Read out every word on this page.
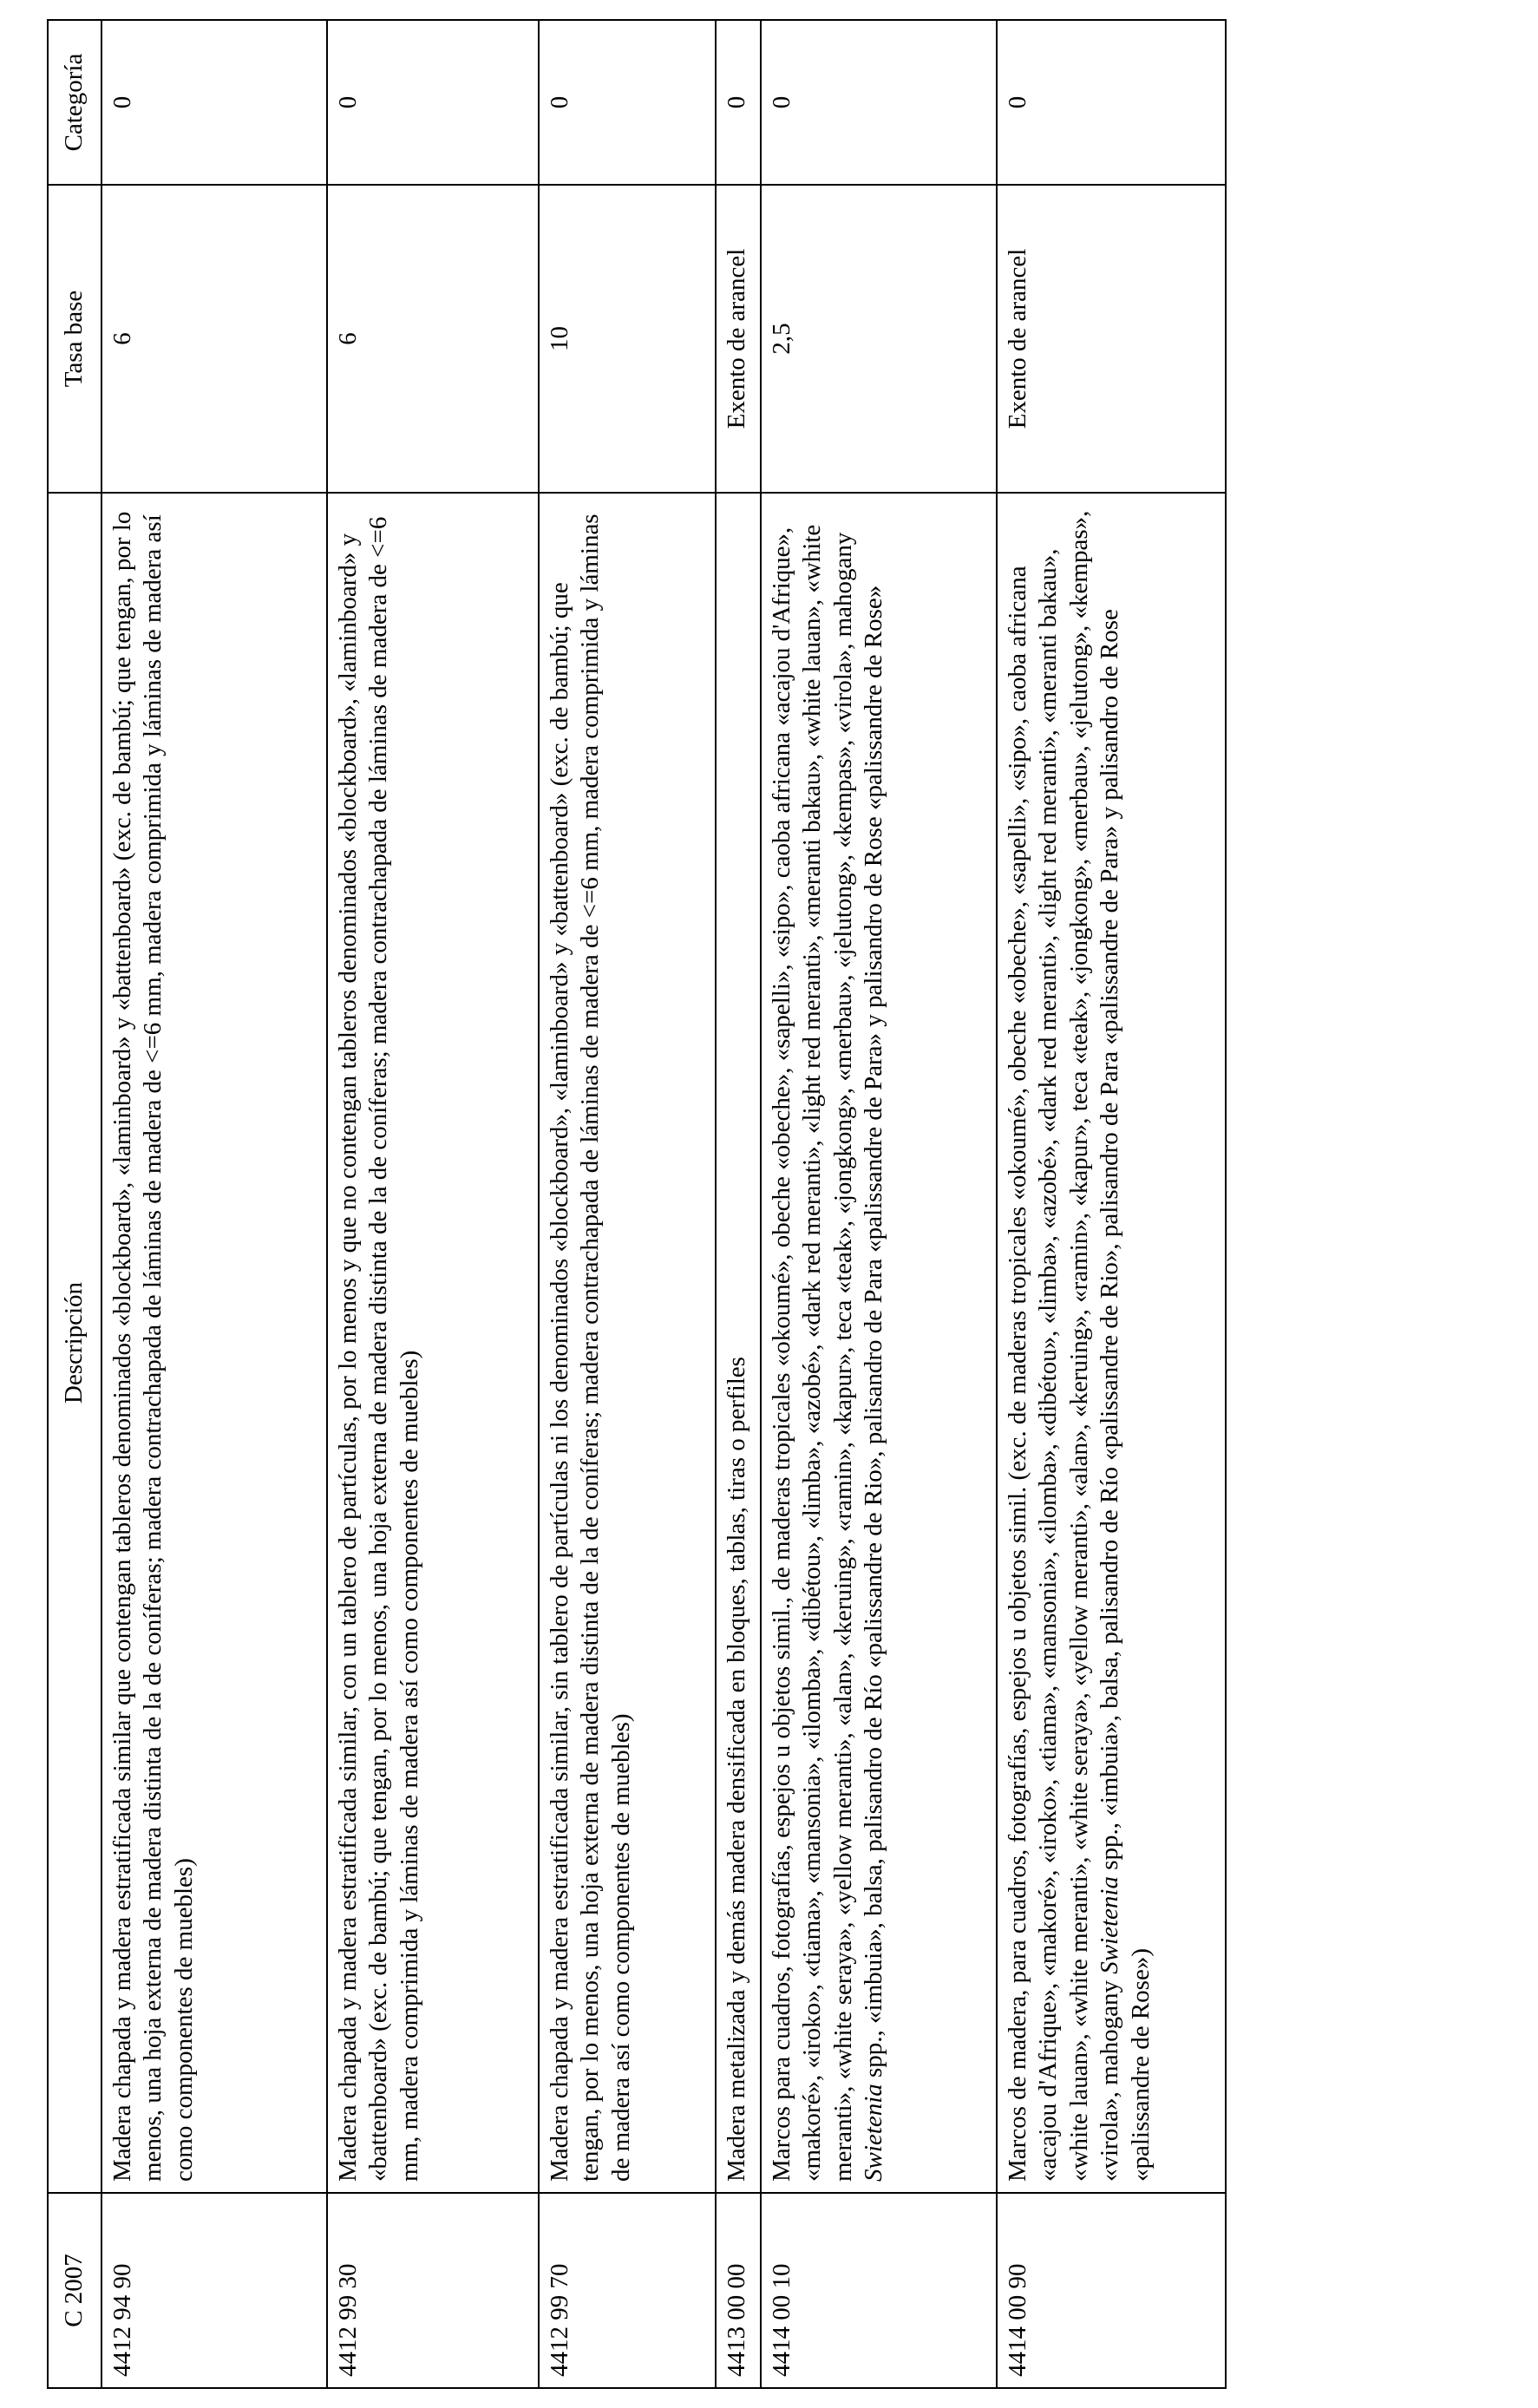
C 2007	Descripción	Tasa base	Categoría
4412 94 90	Madera chapada y madera estratificada similar que contengan tableros denominados «blockboard», «laminboard» y «battenboard» (exc. de bambú; que tengan, por lo menos, una hoja externa de madera distinta de la de coníferas; madera contrachapada de láminas de madera de <=6 mm, madera comprimida y láminas de madera así como componentes de muebles)	6	0
4412 99 30	Madera chapada y madera estratificada similar, con un tablero de partículas, por lo menos y que no contengan tableros denominados «blockboard», «laminboard» y «battenboard» (exc. de bambú; que tengan, por lo menos, una hoja externa de madera distinta de la de coníferas; madera contrachapada de láminas de madera de <=6 mm, madera comprimida y láminas de madera así como componentes de muebles)	6	0
4412 99 70	Madera chapada y madera estratificada similar, sin tablero de partículas ni los denominados «blockboard», «laminboard» y «battenboard» (exc. de bambú; que tengan, por lo menos, una hoja externa de madera distinta de la de coníferas; madera contrachapada de láminas de madera de <=6 mm, madera comprimida y láminas de madera así como componentes de muebles)	10	0
4413 00 00	Madera metalizada y demás madera densificada en bloques, tablas, tiras o perfiles	Exento de arancel	0
4414 00 10	Marcos para cuadros, fotografías, espejos u objetos simil., de maderas tropicales «okoumé», obeche «obeche», «sapelli», «sipo», caoba africana «acajou d'Afrique», «makoré», «iroko», «tiama», «mansonia», «ilomba», «dibétou», «limba», «azobé», «dark red meranti», «light red meranti», «meranti bakau», «white lauan», «white meranti», «white seraya», «yellow meranti», «alan», «keruing», «ramin», «kapur», teca «teak», «jongkong», «merbau», «jelutong», «kempas», «virola», mahogany Swietenia spp., «imbuia», balsa, palisandro de Río «palissandre de Rio», palisandro de Para «palissandre de Para» y palisandro de Rose «palissandre de Rose»	2,5	0
4414 00 90	Marcos de madera, para cuadros, fotografías, espejos u objetos simil. (exc. de maderas tropicales «okoumé», obeche «obeche», «sapelli», «sipo», caoba africana «acajou d'Afrique», «makoré», «iroko», «tiama», «mansonia», «ilomba», «dibétou», «limba», «azobé», «dark red meranti», «light red meranti», «meranti bakau», «white lauan», «white meranti», «white seraya», «yellow meranti», «alan», «keruing», «ramin», «kapur», teca «teak», «jongkong», «merbau», «jelutong», «kempas», «virola», mahogany Swietenia spp., «imbuia», balsa, palisandro de Río «palissandre de Rio», palisandro de Para «palissandre de Para» y palisandro de Rose «palissandre de Rose»)	Exento de arancel	0
